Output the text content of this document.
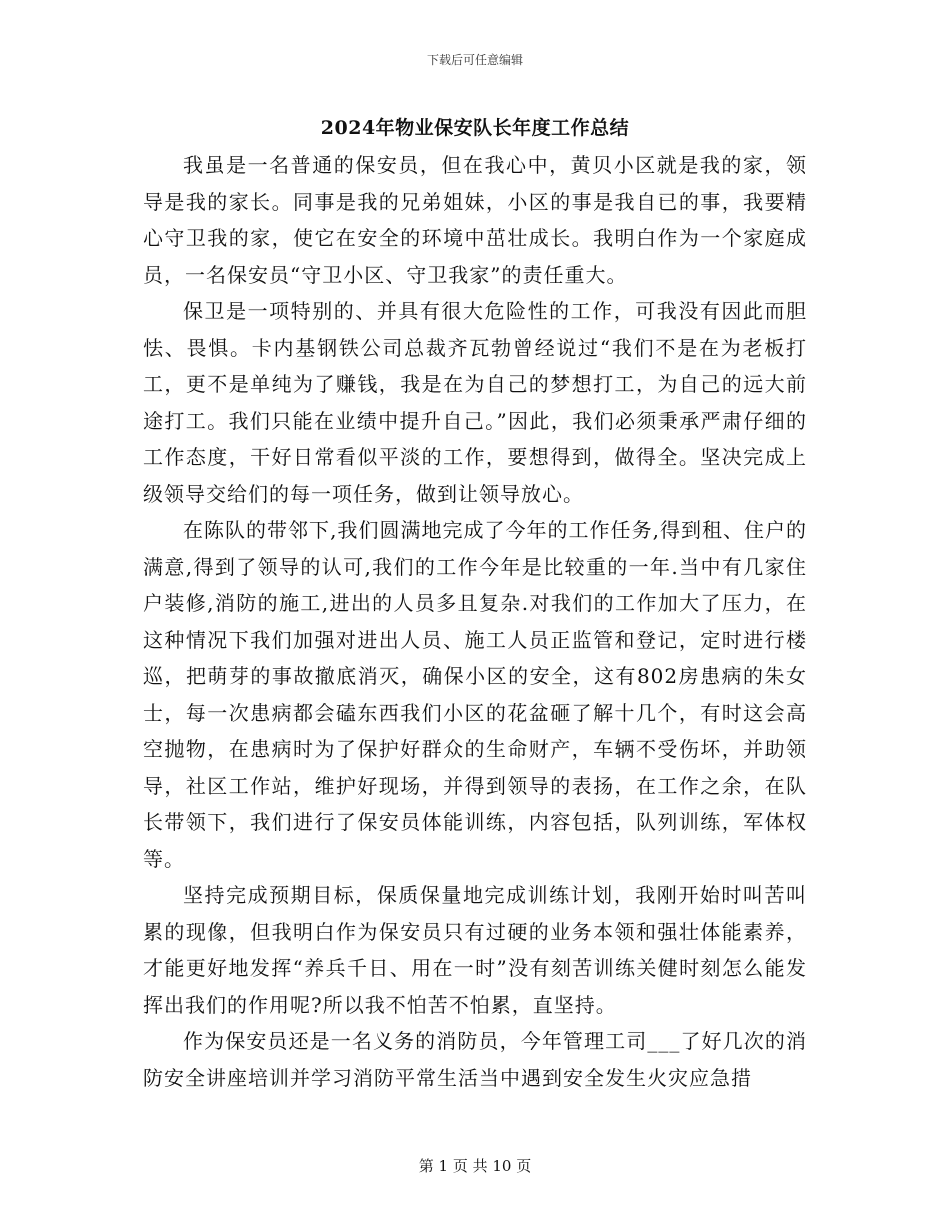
下载后可任意编辑
2024年物业保安队长年度工作总结

我虽是一名普通的保安员，但在我心中，黄贝小区就是我的家，领导是我的家长。同事是我的兄弟姐妹，小区的事是我自已的事，我要精心守卫我的家，使它在安全的环境中茁壮成长。我明白作为一个家庭成员，一名保安员“守卫小区、守卫我家”的责任重大。

保卫是一项特别的、并具有很大危险性的工作，可我没有因此而胆怯、畏惧。卡内基钢铁公司总裁齐瓦勃曾经说过“我们不是在为老板打工，更不是单纯为了赚钱，我是在为自己的梦想打工，为自己的远大前途打工。我们只能在业绩中提升自己。”因此，我们必须秉承严肃仔细的工作态度，干好日常看似平淡的工作，要想得到，做得全。坚决完成上级领导交给们的每一项任务，做到让领导放心。

在陈队的带邻下,我们圆满地完成了今年的工作任务,得到租、住户的满意,得到了领导的认可,我们的工作今年是比较重的一年.当中有几家住户装修,消防的施工,进出的人员多且复杂.对我们的工作加大了压力，在这种情况下我们加强对进出人员、施工人员正监管和登记，定时进行楼巡，把萌芽的事故撤底消灭，确保小区的安全，这有802房患病的朱女士，每一次患病都会磕东西我们小区的花盆砸了解十几个，有时这会高空抛物，在患病时为了保护好群众的生命财产，车辆不受伤坏，并助领导，社区工作站，维护好现场，并得到领导的表扬，在工作之余，在队长带领下，我们进行了保安员体能训练，内容包括，队列训练，军体权等。

坚持完成预期目标，保质保量地完成训练计划，我刚开始时叫苦叫累的现像，但我明白作为保安员只有过硬的业务本领和强壮体能素养，才能更好地发挥“养兵千日、用在一时”没有刻苦训练关健时刻怎么能发挥出我们的作用呢?所以我不怕苦不怕累，直坚持。

作为保安员还是一名义务的消防员，今年管理工司___了好几次的消防安全讲座培训并学习消防平常生活当中遇到安全发生火灾应急措

第 1 页 共 10 页
